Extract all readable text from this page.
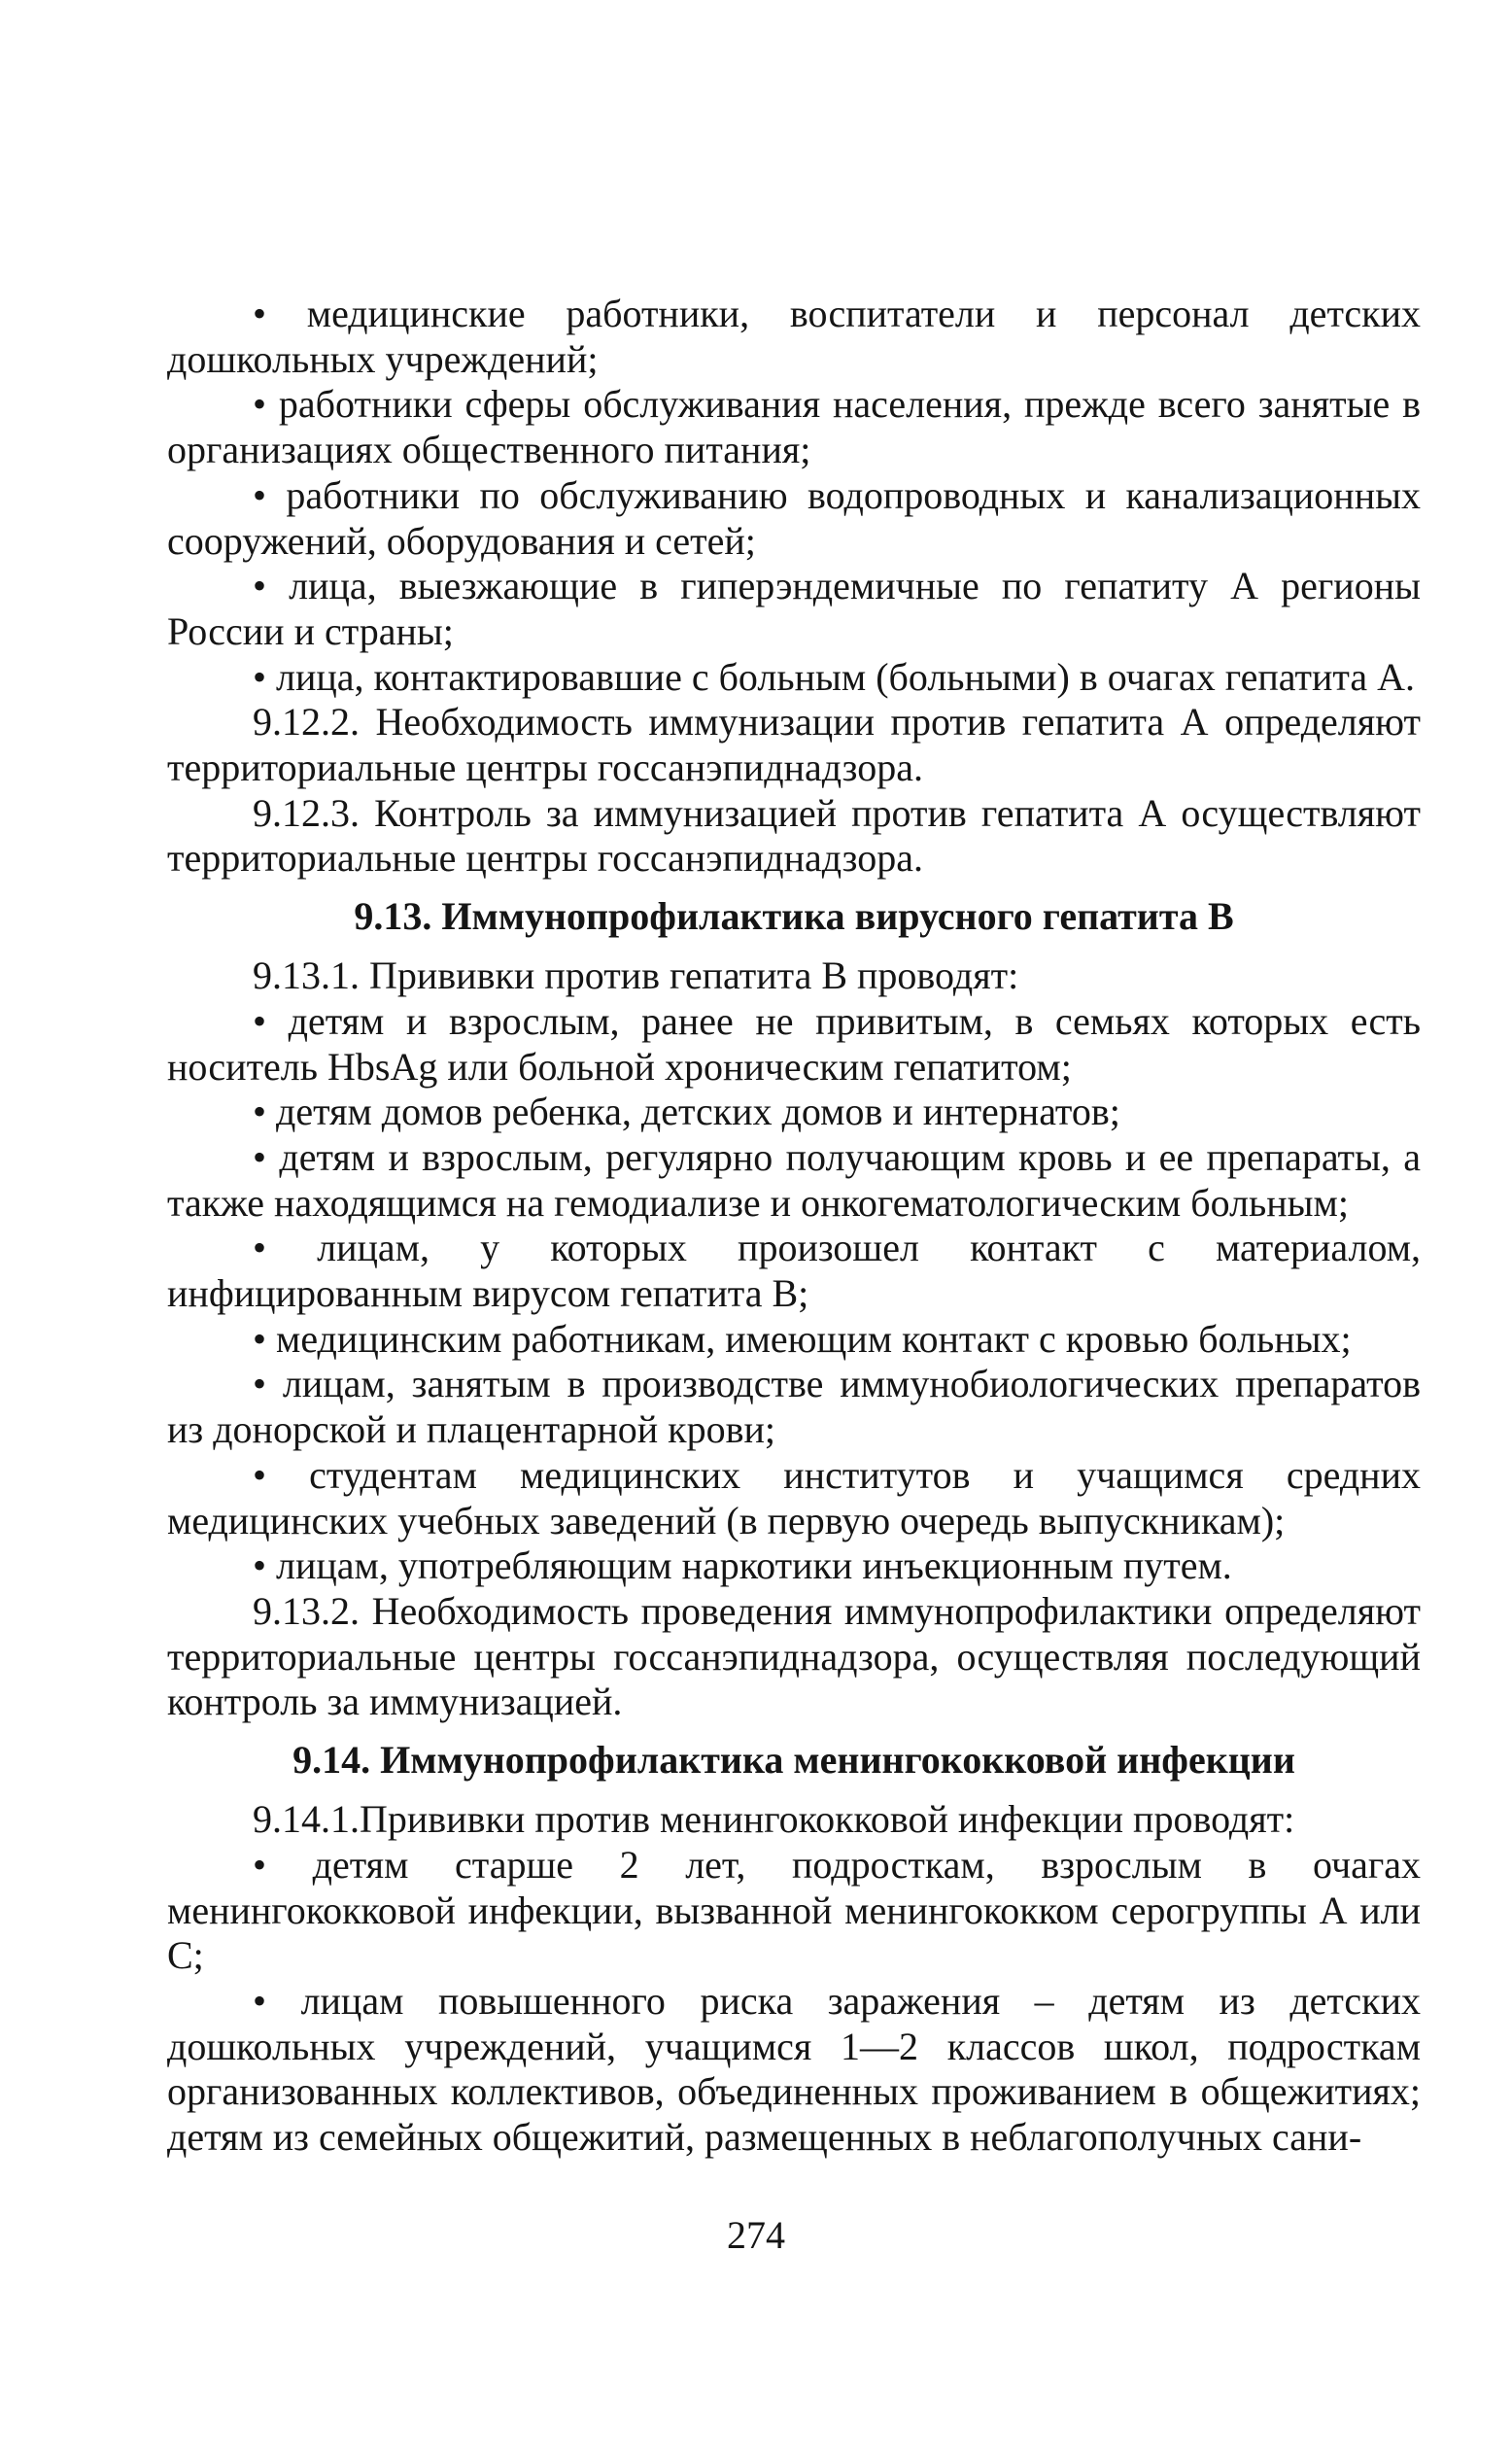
• медицинские работники, воспитатели и персонал детских дошкольных учреждений;

• работники сферы обслуживания населения, прежде всего занятые в организациях общественного питания;

• работники по обслуживанию водопроводных и канализационных сооружений, оборудования и сетей;

• лица, выезжающие в гиперэндемичные по гепатиту А регионы России и страны;

• лица, контактировавшие с больным (больными) в очагах гепатита А.

9.12.2. Необходимость иммунизации против гепатита А определяют территориальные центры госсанэпиднадзора.

9.12.3. Контроль за иммунизацией против гепатита А осуществляют территориальные центры госсанэпиднадзора.

9.13. Иммунопрофилактика вирусного гепатита В

9.13.1. Прививки против гепатита В проводят:

• детям и взрослым, ранее не привитым, в семьях которых есть носитель HbsAg или больной хроническим гепатитом;

• детям домов ребенка, детских домов и интернатов;

• детям и взрослым, регулярно получающим кровь и ее препараты, а также находящимся на гемодиализе и онкогематологическим больным;

• лицам, у которых произошел контакт с материалом, инфицированным вирусом гепатита В;

• медицинским работникам, имеющим контакт с кровью больных;

• лицам, занятым в производстве иммунобиологических препаратов из донорской и плацентарной крови;

• студентам медицинских институтов и учащимся средних медицинских учебных заведений (в первую очередь выпускникам);

• лицам, употребляющим наркотики инъекционным путем.

9.13.2. Необходимость проведения иммунопрофилактики определяют территориальные центры госсанэпиднадзора, осуществляя последующий контроль за иммунизацией.

9.14. Иммунопрофилактика менингококковой инфекции

9.14.1.Прививки против менингококковой инфекции проводят:

• детям старше 2 лет, подросткам, взрослым в очагах менингококковой инфекции, вызванной менингококком серогруппы А или С;

• лицам повышенного риска заражения – детям из детских дошкольных учреждений, учащимся 1—2 классов школ, подросткам организованных коллективов, объединенных проживанием в общежитиях; детям из семейных общежитий, размещенных в неблагополучных сани-

274
